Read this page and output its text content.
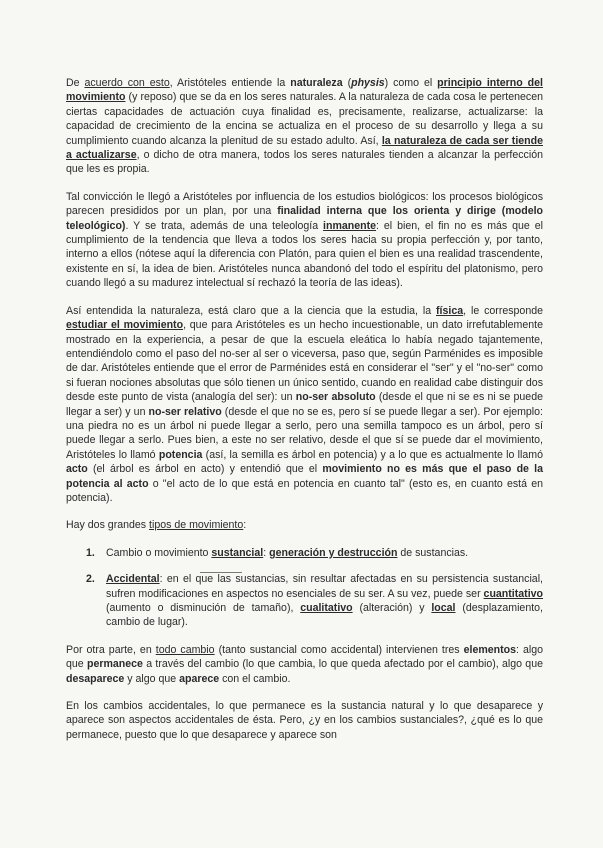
De acuerdo con esto, Aristóteles entiende la naturaleza (physis) como el principio interno del movimiento (y reposo) que se da en los seres naturales. A la naturaleza de cada cosa le pertenecen ciertas capacidades de actuación cuya finalidad es, precisamente, realizarse, actualizarse: la capacidad de crecimiento de la encina se actualiza en el proceso de su desarrollo y llega a su cumplimiento cuando alcanza la plenitud de su estado adulto. Así, la naturaleza de cada ser tiende a actualizarse, o dicho de otra manera, todos los seres naturales tienden a alcanzar la perfección que les es propia.

Tal convicción le llegó a Aristóteles por influencia de los estudios biológicos: los procesos biológicos parecen presididos por un plan, por una finalidad interna que los orienta y dirige (modelo teleológico). Y se trata, además de una teleología inmanente: el bien, el fin no es más que el cumplimiento de la tendencia que lleva a todos los seres hacia su propia perfección y, por tanto, interno a ellos (nótese aquí la diferencia con Platón, para quien el bien es una realidad trascendente, existente en sí, la idea de bien. Aristóteles nunca abandonó del todo el espíritu del platonismo, pero cuando llegó a su madurez intelectual sí rechazó la teoría de las ideas).

Así entendida la naturaleza, está claro que a la ciencia que la estudia, la física, le corresponde estudiar el movimiento, que para Aristóteles es un hecho incuestionable, un dato irrefutablemente mostrado en la experiencia, a pesar de que la escuela eleática lo había negado tajantemente, entendiéndolo como el paso del no-ser al ser o viceversa, paso que, según Parménides es imposible de dar. Aristóteles entiende que el error de Parménides está en considerar el "ser" y el "no-ser" como si fueran nociones absolutas que sólo tienen un único sentido, cuando en realidad cabe distinguir dos desde este punto de vista (analogía del ser): un no-ser absoluto (desde el que ni se es ni se puede llegar a ser) y un no-ser relativo (desde el que no se es, pero sí se puede llegar a ser). Por ejemplo: una piedra no es un árbol ni puede llegar a serlo, pero una semilla tampoco es un árbol, pero sí puede llegar a serlo. Pues bien, a este no ser relativo, desde el que sí se puede dar el movimiento, Aristóteles lo llamó potencia (así, la semilla es árbol en potencia) y a lo que es actualmente lo llamó acto (el árbol es árbol en acto) y entendió que el movimiento no es más que el paso de la potencia al acto o "el acto de lo que está en potencia en cuanto tal" (esto es, en cuanto está en potencia).

Hay dos grandes tipos de movimiento:

1. Cambio o movimiento sustancial: generación y destrucción de sustancias.
2. Accidental: en el que las sustancias, sin resultar afectadas en su persistencia sustancial, sufren modificaciones en aspectos no esenciales de su ser. A su vez, puede ser cuantitativo (aumento o disminución de tamaño), cualitativo (alteración) y local (desplazamiento, cambio de lugar).

Por otra parte, en todo cambio (tanto sustancial como accidental) intervienen tres elementos: algo que permanece a través del cambio (lo que cambia, lo que queda afectado por el cambio), algo que desaparece y algo que aparece con el cambio.

En los cambios accidentales, lo que permanece es la sustancia natural y lo que desaparece y aparece son aspectos accidentales de ésta. Pero, ¿y en los cambios sustanciales?, ¿qué es lo que permanece, puesto que lo que desaparece y aparece son
